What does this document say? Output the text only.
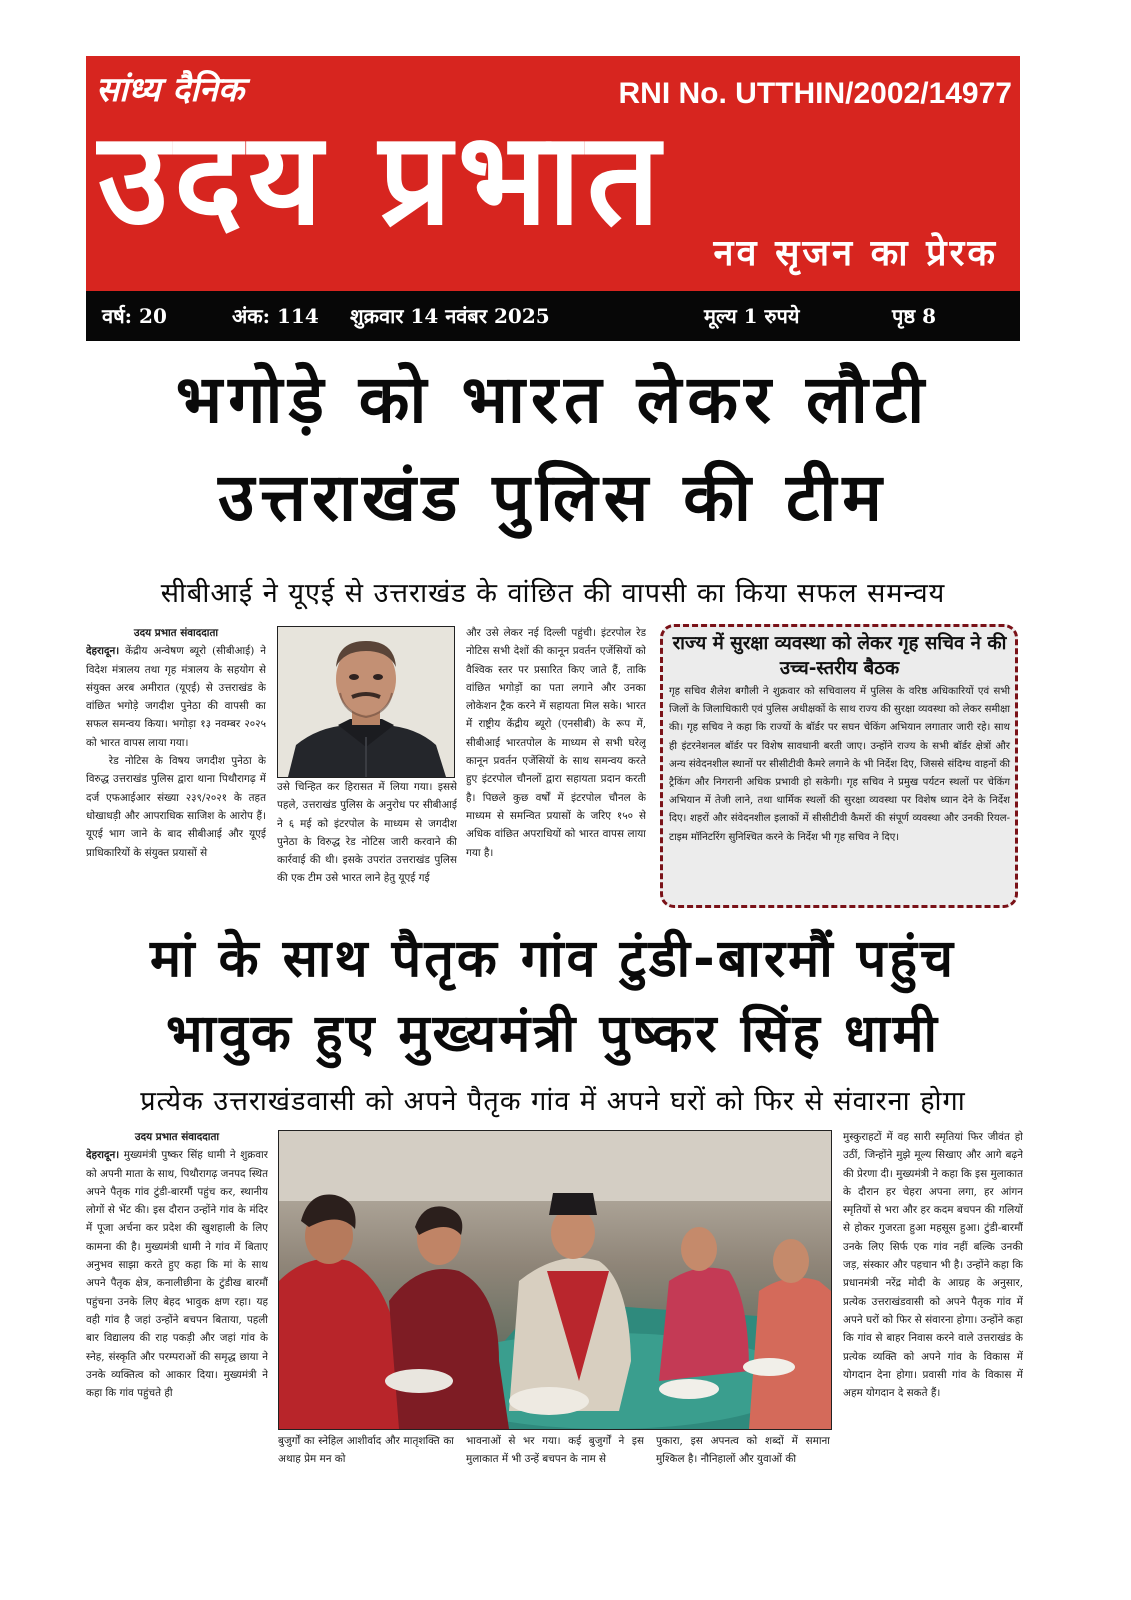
सांध्य दैनिक	RNI No. UTTHIN/2002/14977
उदय प्रभात नव सृजन का प्रेरक
वर्ष: 20	अंक: 114 शुक्रवार 14 नवंबर 2025	मूल्य 1 रुपये	पृष्ठ 8
भगोड़े को भारत लेकर लौटी
उत्तराखंड पुलिस की टीम
सीबीआई ने यूएई से उत्तराखंड के वांछित की वापसी का किया सफल समन्वय
उदय प्रभात संवाददाता
देहरादून। केंद्रीय अन्वेषण ब्यूरो (सीबीआई) ने विदेश मंत्रालय तथा गृह मंत्रालय के सहयोग से संयुक्त अरब अमीरात (यूएई) से उत्तराखंड के वांछित भगोड़े जगदीश पुनेठा की वापसी का सफल समन्वय किया। भगोड़ा १३ नवम्बर २०२५ को भारत वापस लाया गया।
रेड नोटिस के विषय जगदीश पुनेठा के विरुद्ध उत्तराखंड पुलिस द्वारा थाना पिथौरागढ़ में दर्ज एफआईआर संख्या २३९/२०२१ के तहत धोखाधड़ी और आपराधिक साजिश के आरोप हैं। यूएई भाग जाने के बाद सीबीआई और यूएई प्राधिकारियों के संयुक्त प्रयासों से
उसे चिन्हित कर हिरासत में लिया गया। इससे पहले, उत्तराखंड पुलिस के अनुरोध पर सीबीआई ने ६ मई को इंटरपोल के माध्यम से जगदीश पुनेठा के विरुद्ध रेड नोटिस जारी करवाने की कार्रवाई की थी। इसके उपरांत उत्तराखंड पुलिस की एक टीम उसे भारत लाने हेतु यूएई गई
और उसे लेकर नई दिल्ली पहुंची। इंटरपोल रेड नोटिस सभी देशों की कानून प्रवर्तन एजेंसियों को वैश्विक स्तर पर प्रसारित किए जाते हैं, ताकि वांछित भगोड़ों का पता लगाने और उनका लोकेशन ट्रैक करने में सहायता मिल सके। भारत में राष्ट्रीय केंद्रीय ब्यूरो (एनसीबी) के रूप में, सीबीआई भारतपोल के माध्यम से सभी घरेलू कानून प्रवर्तन एजेंसियों के साथ समन्वय करते हुए इंटरपोल चौनलों द्वारा सहायता प्रदान करती है। पिछले कुछ वर्षों में इंटरपोल चौनल के माध्यम से समन्वित प्रयासों के जरिए १५० से अधिक वांछित अपराधियों को भारत वापस लाया गया है।
राज्य में सुरक्षा व्यवस्था को लेकर गृह सचिव ने की उच्च-स्तरीय बैठक
गृह सचिव शैलेश बगौली ने शुक्रवार को सचिवालय में पुलिस के वरिष्ठ अधिकारियों एवं सभी जिलों के जिलाधिकारी एवं पुलिस अधीक्षकों के साथ राज्य की सुरक्षा व्यवस्था को लेकर समीक्षा की। गृह सचिव ने कहा कि राज्यों के बॉर्डर पर सघन चेकिंग अभियान लगातार जारी रहे। साथ ही इंटरनेशनल बॉर्डर पर विशेष सावधानी बरती जाए। उन्होंने राज्य के सभी बॉर्डर क्षेत्रों और अन्य संवेदनशील स्थानों पर सीसीटीवी कैमरे लगाने के भी निर्देश दिए, जिससे संदिग्ध वाहनों की ट्रैकिंग और निगरानी अधिक प्रभावी हो सकेगी। गृह सचिव ने प्रमुख पर्यटन स्थलों पर चेकिंग अभियान में तेजी लाने, तथा धार्मिक स्थलों की सुरक्षा व्यवस्था पर विशेष ध्यान देने के निर्देश दिए। शहरों और संवेदनशील इलाकों में सीसीटीवी कैमरों की संपूर्ण व्यवस्था और उनकी रियल-टाइम मॉनिटरिंग सुनिश्चित करने के निर्देश भी गृह सचिव ने दिए।
मां के साथ पैतृक गांव टुंडी-बारमौं पहुंच
भावुक हुए मुख्यमंत्री पुष्कर सिंह धामी
प्रत्येक उत्तराखंडवासी को अपने पैतृक गांव में अपने घरों को फिर से संवारना होगा
उदय प्रभात संवाददाता
देहरादून। मुख्यमंत्री पुष्कर सिंह धामी ने शुक्रवार को अपनी माता के साथ, पिथौरागढ़ जनपद स्थित अपने पैतृक गांव टुंडी-बारमौं पहुंच कर, स्थानीय लोगों से भेंट की। इस दौरान उन्होंने गांव के मंदिर में पूजा अर्चना कर प्रदेश की खुशहाली के लिए कामना की है। मुख्यमंत्री धामी ने गांव में बिताए अनुभव साझा करते हुए कहा कि मां के साथ अपने पैतृक क्षेत्र, कनालीछीना के टुंडीख बारमौं पहुंचना उनके लिए बेहद भावुक क्षण रहा। यह वही गांव है जहां उन्होंने बचपन बिताया, पहली बार विद्यालय की राह पकड़ी और जहां गांव के स्नेह, संस्कृति और परम्पराओं की समृद्ध छाया ने उनके व्यक्तित्व को आकार दिया। मुख्यमंत्री ने कहा कि गांव पहुंचते ही
बुजुर्गों का स्नेहिल आशीर्वाद और मातृशक्ति का अथाह प्रेम मन को
भावनाओं से भर गया। कई बुजुर्गों ने इस मुलाकात में भी उन्हें बचपन के नाम से
पुकारा, इस अपनत्व को शब्दों में समाना मुश्किल है। नौनिहालों और युवाओं की
मुस्कुराहटों में वह सारी स्मृतियां फिर जीवंत हो उठीं, जिन्होंने मुझे मूल्य सिखाए और आगे बढ़ने की प्रेरणा दी। मुख्यमंत्री ने कहा कि इस मुलाकात के दौरान हर चेहरा अपना लगा, हर आंगन स्मृतियों से भरा और हर कदम बचपन की गलियों से होकर गुजरता हुआ महसूस हुआ। टुंडी-बारमौं उनके लिए सिर्फ एक गांव नहीं बल्कि उनकी जड़, संस्कार और पहचान भी है। उन्होंने कहा कि प्रधानमंत्री नरेंद्र मोदी के आग्रह के अनुसार, प्रत्येक उत्तराखंडवासी को अपने पैतृक गांव में अपने घरों को फिर से संवारना होगा। उन्होंने कहा कि गांव से बाहर निवास करने वाले उत्तराखंड के प्रत्येक व्यक्ति को अपने गांव के विकास में योगदान देना होगा। प्रवासी गांव के विकास में अहम योगदान दे सकते हैं।
